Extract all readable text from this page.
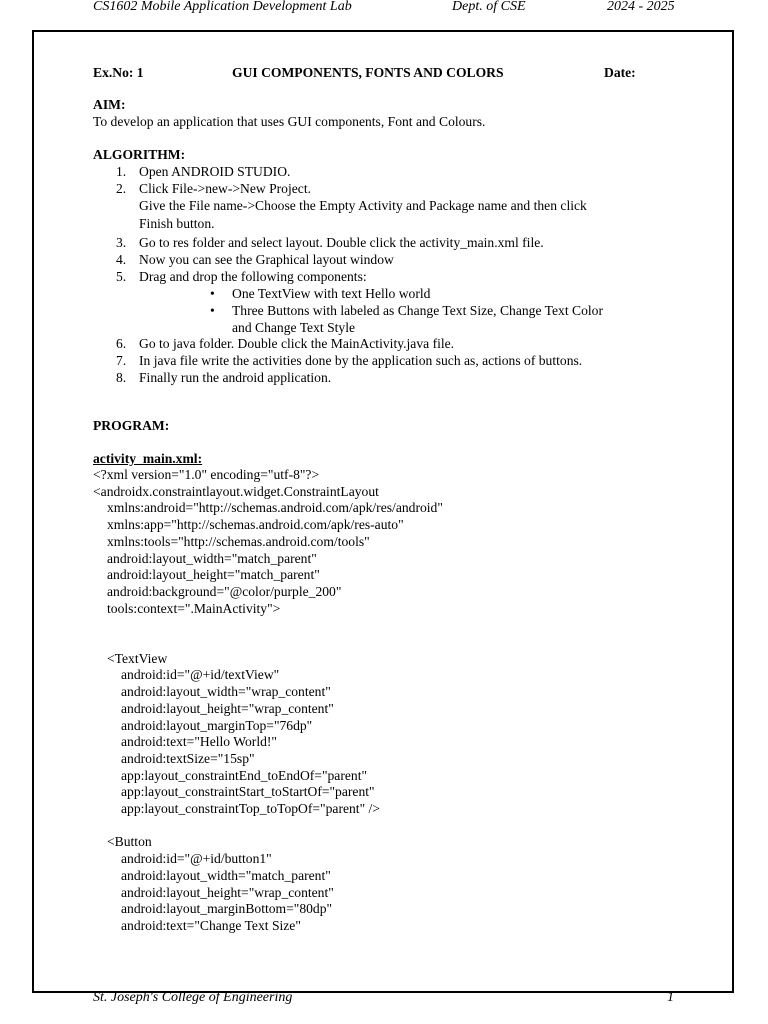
CS1602 Mobile Application Development Lab	Dept. of CSE	2024 - 2025
Ex.No: 1	GUI COMPONENTS, FONTS AND COLORS	Date:
AIM:
To develop an application that uses GUI components, Font and Colours.
ALGORITHM:
1. Open ANDROID STUDIO.
2. Click File->new->New Project.
Give the File name->Choose the Empty Activity and Package name and then click
Finish button.
3. Go to res folder and select layout. Double click the activity_main.xml file.
4. Now you can see the Graphical layout window
5. Drag and drop the following components:
• One TextView with text Hello world
• Three Buttons with labeled as Change Text Size, Change Text Color
and Change Text Style
6. Go to java folder. Double click the MainActivity.java file.
7. In java file write the activities done by the application such as, actions of buttons.
8. Finally run the android application.
PROGRAM:
activity_main.xml:
<?xml version="1.0" encoding="utf-8"?>
<androidx.constraintlayout.widget.ConstraintLayout
xmlns:android="http://schemas.android.com/apk/res/android"
xmlns:app="http://schemas.android.com/apk/res-auto"
xmlns:tools="http://schemas.android.com/tools"
android:layout_width="match_parent"
android:layout_height="match_parent"
android:background="@color/purple_200"
tools:context=".MainActivity">
<TextView
android:id="@+id/textView"
android:layout_width="wrap_content"
android:layout_height="wrap_content"
android:layout_marginTop="76dp"
android:text="Hello World!"
android:textSize="15sp"
app:layout_constraintEnd_toEndOf="parent"
app:layout_constraintStart_toStartOf="parent"
app:layout_constraintTop_toTopOf="parent" />
<Button
android:id="@+id/button1"
android:layout_width="match_parent"
android:layout_height="wrap_content"
android:layout_marginBottom="80dp"
android:text="Change Text Size"
St. Joseph's College of Engineering	1
